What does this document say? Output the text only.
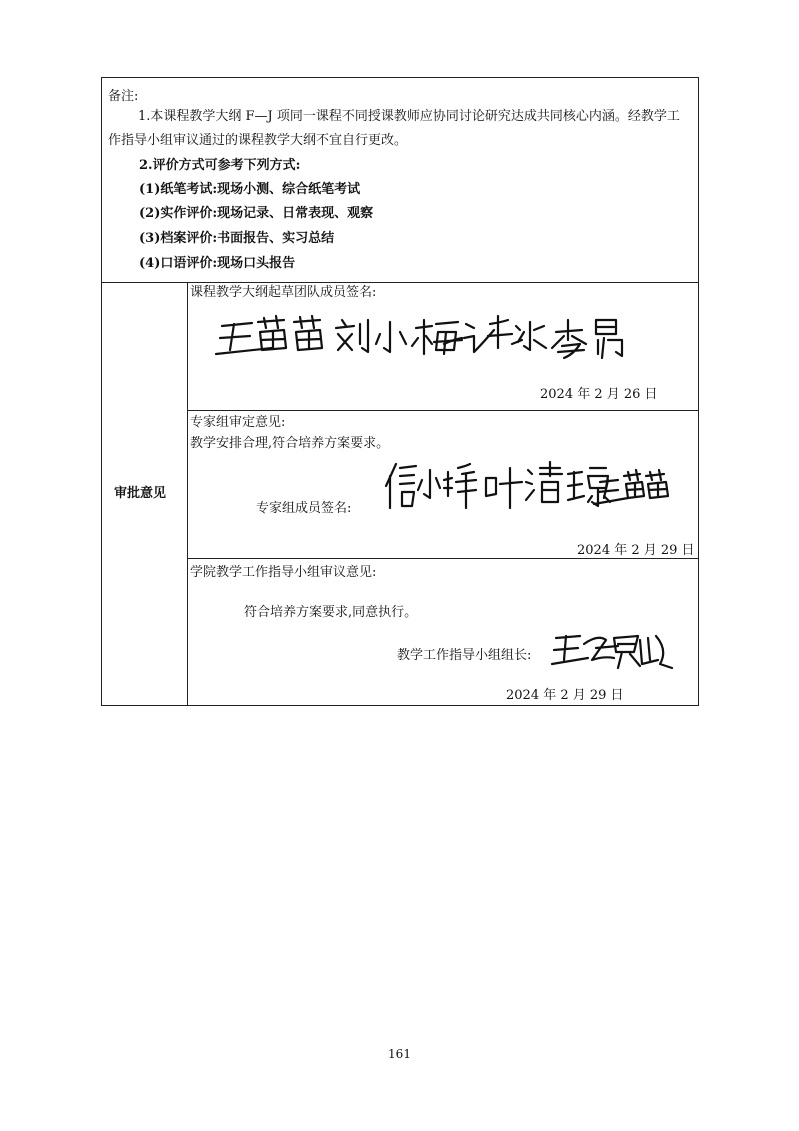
备注:
1.本课程教学大纲 F—J 项同一课程不同授课教师应协同讨论研究达成共同核心内涵。经教学工作指导小组审议通过的课程教学大纲不宜自行更改。
2.评价方式可参考下列方式:
(1)纸笔考试:现场小测、综合纸笔考试
(2)实作评价:现场记录、日常表现、观察
(3)档案评价:书面报告、实习总结
(4)口语评价:现场口头报告
审批意见
课程教学大纲起草团队成员签名:
2024 年 2 月 26 日
专家组审定意见:
教学安排合理,符合培养方案要求。
专家组成员签名:
2024 年 2 月 29 日
学院教学工作指导小组审议意见:
符合培养方案要求,同意执行。
教学工作指导小组组长:
2024 年 2 月 29 日
161
